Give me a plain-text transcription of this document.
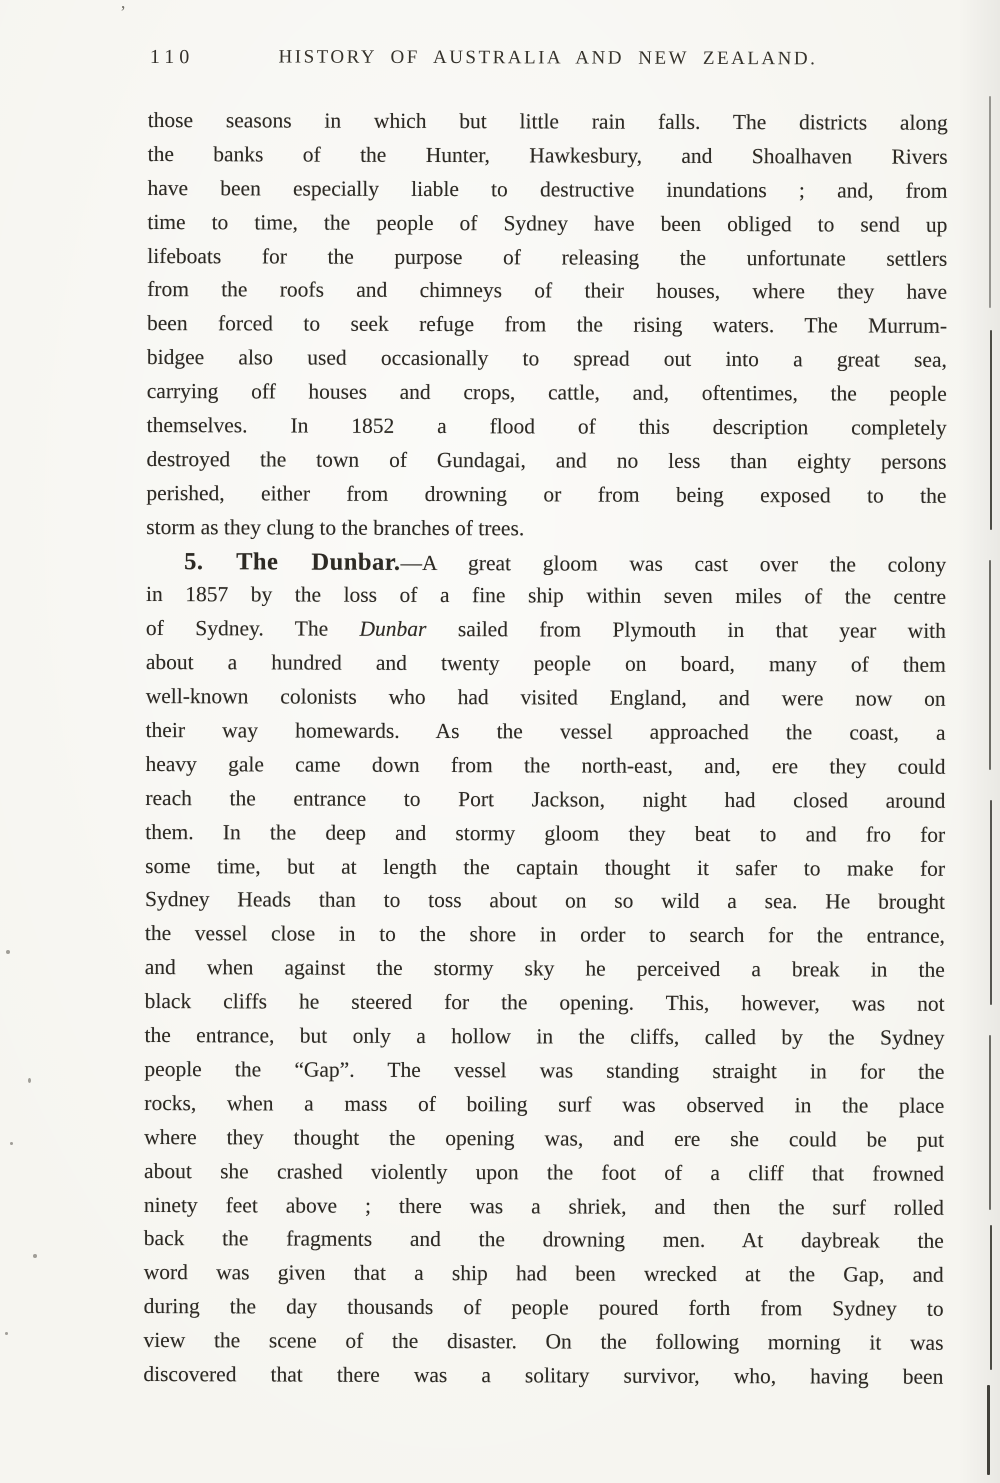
110	HISTORY OF AUSTRALIA AND NEW ZEALAND.
those seasons in which but little rain falls. The districts along
the banks of the Hunter, Hawkesbury, and Shoalhaven Rivers
have been especially liable to destructive inundations ; and, from
time to time, the people of Sydney have been obliged to send up
lifeboats for the purpose of releasing the unfortunate settlers
from the roofs and chimneys of their houses, where they have
been forced to seek refuge from the rising waters. The Murrum-
bidgee also used occasionally to spread out into a great sea,
carrying off houses and crops, cattle, and, oftentimes, the people
themselves. In 1852 a flood of this description completely
destroyed the town of Gundagai, and no less than eighty persons
perished, either from drowning or from being exposed to the
storm as they clung to the branches of trees.
5. The Dunbar.—A great gloom was cast over the colony
in 1857 by the loss of a fine ship within seven miles of the centre
of Sydney. The Dunbar sailed from Plymouth in that year with
about a hundred and twenty people on board, many of them
well-known colonists who had visited England, and were now on
their way homewards. As the vessel approached the coast, a
heavy gale came down from the north-east, and, ere they could
reach the entrance to Port Jackson, night had closed around
them. In the deep and stormy gloom they beat to and fro for
some time, but at length the captain thought it safer to make for
Sydney Heads than to toss about on so wild a sea. He brought
the vessel close in to the shore in order to search for the entrance,
and when against the stormy sky he perceived a break in the
black cliffs he steered for the opening. This, however, was not
the entrance, but only a hollow in the cliffs, called by the Sydney
people the “Gap”. The vessel was standing straight in for the
rocks, when a mass of boiling surf was observed in the place
where they thought the opening was, and ere she could be put
about she crashed violently upon the foot of a cliff that frowned
ninety feet above ; there was a shriek, and then the surf rolled
back the fragments and the drowning men. At daybreak the
word was given that a ship had been wrecked at the Gap, and
during the day thousands of people poured forth from Sydney to
view the scene of the disaster. On the following morning it was
discovered that there was a solitary survivor, who, having been
’
